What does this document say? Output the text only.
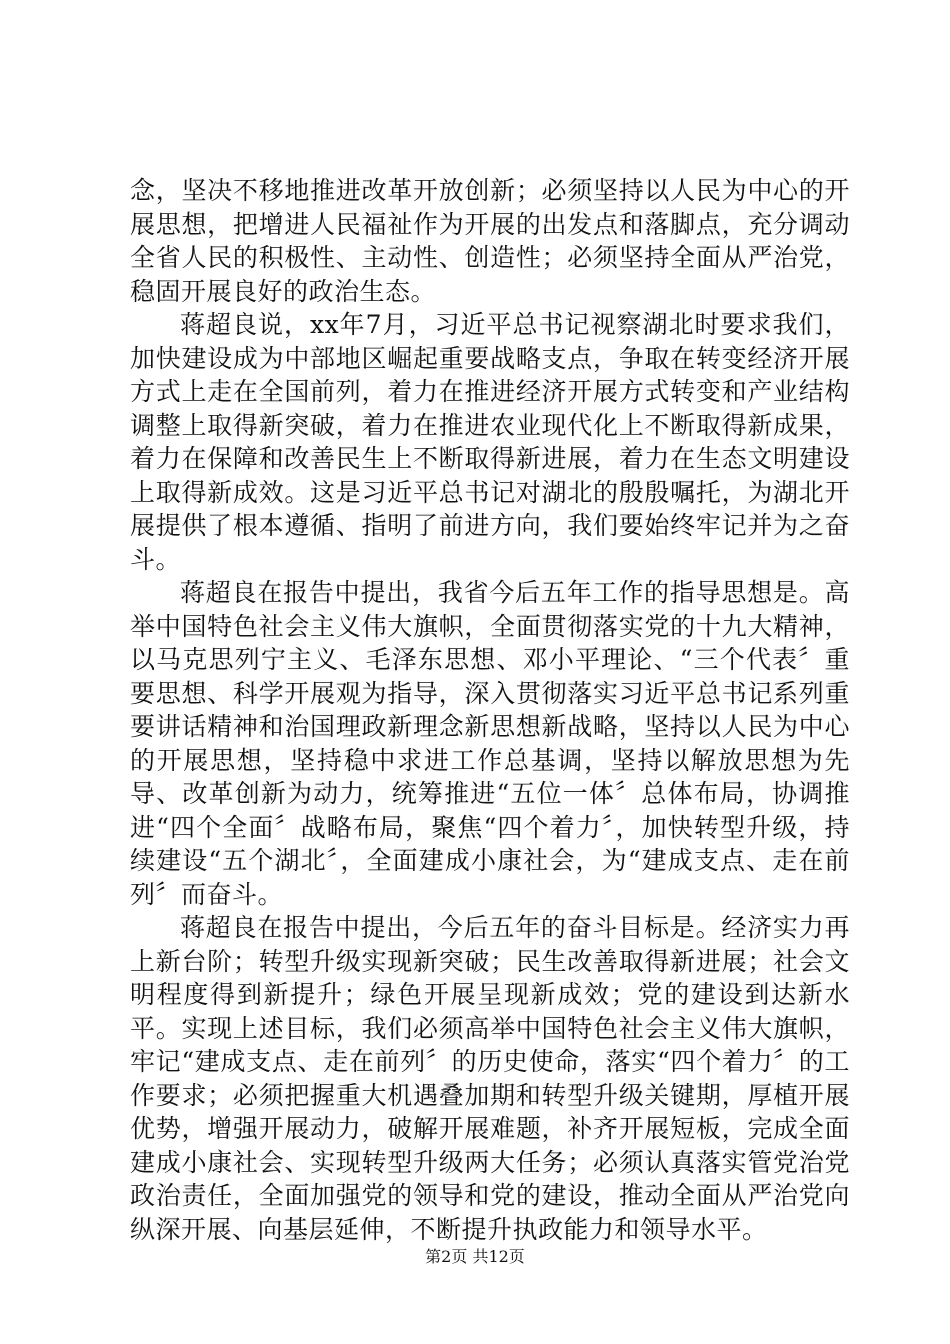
念，坚决不移地推进改革开放创新；必须坚持以人民为中心的开展思想，把增进人民福祉作为开展的出发点和落脚点，充分调动全省人民的积极性、主动性、创造性；必须坚持全面从严治党，稳固开展良好的政治生态。

蒋超良说，xx年7月，习近平总书记视察湖北时要求我们，加快建设成为中部地区崛起重要战略支点，争取在转变经济开展方式上走在全国前列，着力在推进经济开展方式转变和产业结构调整上取得新突破，着力在推进农业现代化上不断取得新成果，着力在保障和改善民生上不断取得新进展，着力在生态文明建设上取得新成效。这是习近平总书记对湖北的殷殷嘱托，为湖北开展提供了根本遵循、指明了前进方向，我们要始终牢记并为之奋斗。

蒋超良在报告中提出，我省今后五年工作的指导思想是。高举中国特色社会主义伟大旗帜，全面贯彻落实党的十九大精神，以马克思列宁主义、毛泽东思想、邓小平理论、“三个代表〞重要思想、科学开展观为指导，深入贯彻落实习近平总书记系列重要讲话精神和治国理政新理念新思想新战略，坚持以人民为中心的开展思想，坚持稳中求进工作总基调，坚持以解放思想为先导、改革创新为动力，统筹推进“五位一体〞总体布局，协调推进“四个全面〞战略布局，聚焦“四个着力〞，加快转型升级，持续建设“五个湖北〞，全面建成小康社会，为“建成支点、走在前列〞而奋斗。

蒋超良在报告中提出，今后五年的奋斗目标是。经济实力再上新台阶；转型升级实现新突破；民生改善取得新进展；社会文明程度得到新提升；绿色开展呈现新成效；党的建设到达新水平。实现上述目标，我们必须高举中国特色社会主义伟大旗帜，牢记“建成支点、走在前列〞的历史使命，落实“四个着力〞的工作要求；必须把握重大机遇叠加期和转型升级关键期，厚植开展优势，增强开展动力，破解开展难题，补齐开展短板，完成全面建成小康社会、实现转型升级两大任务；必须认真落实管党治党政治责任，全面加强党的领导和党的建设，推动全面从严治党向纵深开展、向基层延伸，不断提升执政能力和领导水平。

第2页 共12页
